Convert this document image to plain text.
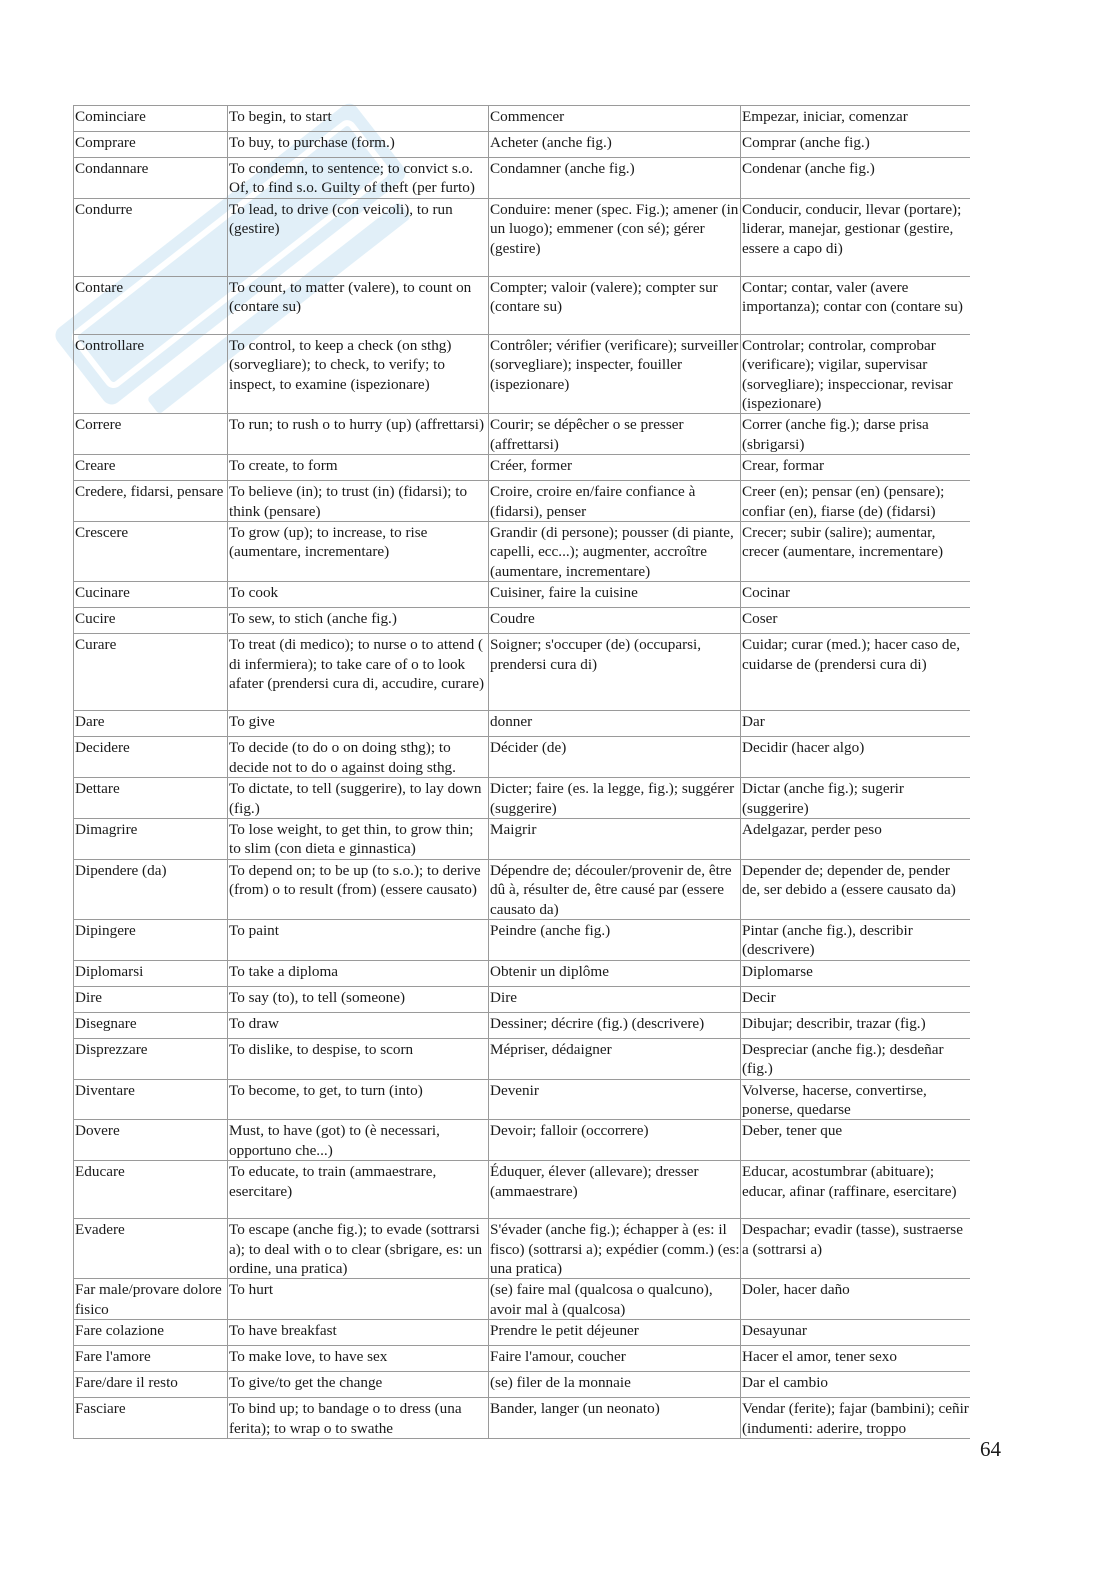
Cominciare	To begin, to start	Commencer	Empezar, iniciar, comenzar
Comprare	To buy, to purchase (form.)	Acheter (anche fig.)	Comprar (anche fig.)
Condannare	To condemn, to sentence; to convict s.o. Of, to find s.o. Guilty of theft (per furto)	Condamner (anche fig.)	Condenar (anche fig.)
Condurre	To lead, to drive (con veicoli), to run (gestire)	Conduire: mener (spec. Fig.); amener (in un luogo); emmener (con sé); gérer (gestire)	Conducir, conducir, llevar (portare); liderar, manejar, gestionar (gestire, essere a capo di)
Contare	To count, to matter (valere), to count on (contare su)	Compter; valoir (valere); compter sur (contare su)	Contar; contar, valer (avere importanza); contar con (contare su)
Controllare	To control, to keep a check (on sthg) (sorvegliare); to check, to verify; to inspect, to examine (ispezionare)	Contrôler; vérifier (verificare); surveiller (sorvegliare); inspecter, fouiller (ispezionare)	Controlar; controlar, comprobar (verificare); vigilar, supervisar (sorvegliare); inspeccionar, revisar (ispezionare)
Correre	To run; to rush o to hurry (up) (affrettarsi)	Courir; se dépêcher o se presser (affrettarsi)	Correr (anche fig.); darse prisa (sbrigarsi)
Creare	To create, to form	Créer, former	Crear, formar
Credere, fidarsi, pensare	To believe (in); to trust (in) (fidarsi); to think (pensare)	Croire, croire en/faire confiance à (fidarsi), penser	Creer (en); pensar (en) (pensare); confiar (en), fiarse (de) (fidarsi)
Crescere	To grow (up); to increase, to rise (aumentare, incrementare)	Grandir (di persone); pousser (di piante, capelli, ecc...); augmenter, accroître (aumentare, incrementare)	Crecer; subir (salire); aumentar, crecer (aumentare, incrementare)
Cucinare	To cook	Cuisiner, faire la cuisine	Cocinar
Cucire	To sew, to stich (anche fig.)	Coudre	Coser
Curare	To treat (di medico); to nurse o to attend ( di infermiera); to take care of o to look afater (prendersi cura di, accudire, curare)	Soigner; s'occuper (de) (occuparsi, prendersi cura di)	Cuidar; curar (med.); hacer caso de, cuidarse de (prendersi cura di)
Dare	To give	donner	Dar
Decidere	To decide (to do o on doing sthg); to decide not to do o against doing sthg.	Décider (de)	Decidir (hacer algo)
Dettare	To dictate, to tell (suggerire), to lay down (fig.)	Dicter; faire (es. la legge, fig.); suggérer (suggerire)	Dictar (anche fig.); sugerir (suggerire)
Dimagrire	To lose weight, to get thin, to grow thin; to slim (con dieta e ginnastica)	Maigrir	Adelgazar, perder peso
Dipendere (da)	To depend on; to be up (to s.o.); to derive (from) o to result (from) (essere causato)	Dépendre de; découler/provenir de, être dû à, résulter de, être causé par (essere causato da)	Depender de; depender de, pender de, ser debido a (essere causato da)
Dipingere	To paint	Peindre (anche fig.)	Pintar (anche fig.), describir (descrivere)
Diplomarsi	To take a diploma	Obtenir un diplôme	Diplomarse
Dire	To say (to), to tell (someone)	Dire	Decir
Disegnare	To draw	Dessiner; décrire (fig.) (descrivere)	Dibujar; describir, trazar (fig.)
Disprezzare	To dislike, to despise, to scorn	Mépriser, dédaigner	Despreciar (anche fig.); desdeñar (fig.)
Diventare	To become, to get, to turn (into)	Devenir	Volverse, hacerse, convertirse, ponerse, quedarse
Dovere	Must, to have (got) to (è necessari, opportuno che...)	Devoir; falloir (occorrere)	Deber, tener que
Educare	To educate, to train (ammaestrare, esercitare)	Éduquer, élever (allevare); dresser (ammaestrare)	Educar, acostumbrar (abituare); educar, afinar (raffinare, esercitare)
Evadere	To escape (anche fig.); to evade (sottrarsi a); to deal with o to clear (sbrigare, es: un ordine, una pratica)	S'évader (anche fig.); échapper à (es: il fisco) (sottrarsi a); expédier (comm.) (es: una pratica)	Despachar; evadir (tasse), sustraerse a (sottrarsi a)
Far male/provare dolore fisico	To hurt	(se) faire mal (qualcosa o qualcuno), avoir mal à (qualcosa)	Doler, hacer daño
Fare colazione	To have breakfast	Prendre le petit déjeuner	Desayunar
Fare l'amore	To make love, to have sex	Faire l'amour, coucher	Hacer el amor, tener sexo
Fare/dare il resto	To give/to get the change	(se) filer de la monnaie	Dar el cambio
Fasciare	To bind up; to bandage o to dress (una ferita); to wrap o to swathe	Bander, langer (un neonato)	Vendar (ferite); fajar (bambini); ceñir (indumenti: aderire, troppo
64
